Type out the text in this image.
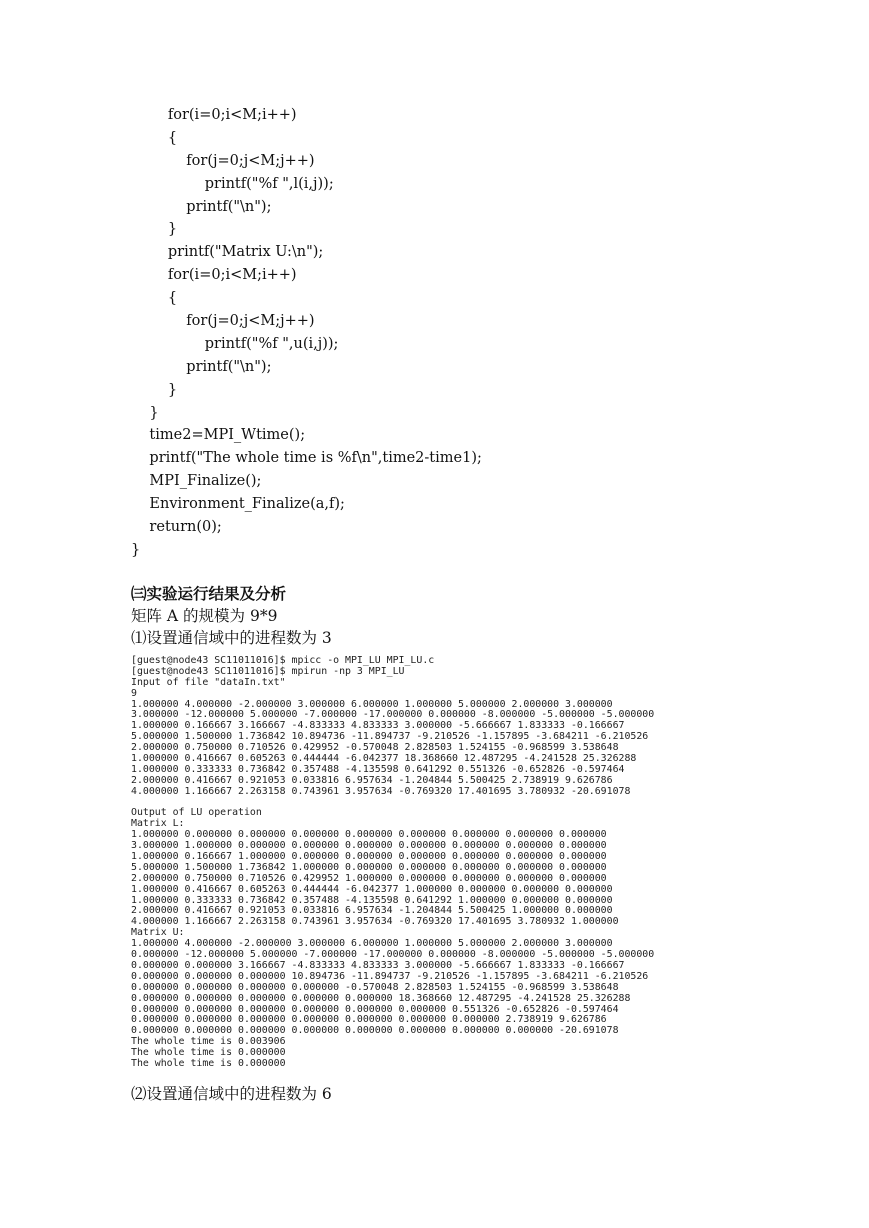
for(i=0;i<M;i++)
{
for(j=0;j<M;j++)
printf("%f ",l(i,j));
printf("\n");
}
printf("Matrix U:\n");
for(i=0;i<M;i++)
{
for(j=0;j<M;j++)
printf("%f ",u(i,j));
printf("\n");
}
}
time2=MPI_Wtime();
printf("The whole time is %f\n",time2-time1);
MPI_Finalize();
Environment_Finalize(a,f);
return(0);
}
㈢实验运行结果及分析
矩阵 A 的规模为 9*9
⑴设置通信域中的进程数为 3
[guest@node43 SC11011016]$ mpicc -o MPI_LU MPI_LU.c
[guest@node43 SC11011016]$ mpirun -np 3 MPI_LU
Input of file "dataIn.txt"
9
1.000000 4.000000 -2.000000 3.000000 6.000000 1.000000 5.000000 2.000000 3.000000
3.000000 -12.000000 5.000000 -7.000000 -17.000000 0.000000 -8.000000 -5.000000 -5.000000
1.000000 0.166667 3.166667 -4.833333 4.833333 3.000000 -5.666667 1.833333 -0.166667
5.000000 1.500000 1.736842 10.894736 -11.894737 -9.210526 -1.157895 -3.684211 -6.210526
2.000000 0.750000 0.710526 0.429952 -0.570048 2.828503 1.524155 -0.968599 3.538648
1.000000 0.416667 0.605263 0.444444 -6.042377 18.368660 12.487295 -4.241528 25.326288
1.000000 0.333333 0.736842 0.357488 -4.135598 0.641292 0.551326 -0.652826 -0.597464
2.000000 0.416667 0.921053 0.033816 6.957634 -1.204844 5.500425 2.738919 9.626786
4.000000 1.166667 2.263158 0.743961 3.957634 -0.769320 17.401695 3.780932 -20.691078
Output of LU operation
Matrix L:
1.000000 0.000000 0.000000 0.000000 0.000000 0.000000 0.000000 0.000000 0.000000
3.000000 1.000000 0.000000 0.000000 0.000000 0.000000 0.000000 0.000000 0.000000
1.000000 0.166667 1.000000 0.000000 0.000000 0.000000 0.000000 0.000000 0.000000
5.000000 1.500000 1.736842 1.000000 0.000000 0.000000 0.000000 0.000000 0.000000
2.000000 0.750000 0.710526 0.429952 1.000000 0.000000 0.000000 0.000000 0.000000
1.000000 0.416667 0.605263 0.444444 -6.042377 1.000000 0.000000 0.000000 0.000000
1.000000 0.333333 0.736842 0.357488 -4.135598 0.641292 1.000000 0.000000 0.000000
2.000000 0.416667 0.921053 0.033816 6.957634 -1.204844 5.500425 1.000000 0.000000
4.000000 1.166667 2.263158 0.743961 3.957634 -0.769320 17.401695 3.780932 1.000000
Matrix U:
1.000000 4.000000 -2.000000 3.000000 6.000000 1.000000 5.000000 2.000000 3.000000
0.000000 -12.000000 5.000000 -7.000000 -17.000000 0.000000 -8.000000 -5.000000 -5.000000
0.000000 0.000000 3.166667 -4.833333 4.833333 3.000000 -5.666667 1.833333 -0.166667
0.000000 0.000000 0.000000 10.894736 -11.894737 -9.210526 -1.157895 -3.684211 -6.210526
0.000000 0.000000 0.000000 0.000000 -0.570048 2.828503 1.524155 -0.968599 3.538648
0.000000 0.000000 0.000000 0.000000 0.000000 18.368660 12.487295 -4.241528 25.326288
0.000000 0.000000 0.000000 0.000000 0.000000 0.000000 0.551326 -0.652826 -0.597464
0.000000 0.000000 0.000000 0.000000 0.000000 0.000000 0.000000 2.738919 9.626786
0.000000 0.000000 0.000000 0.000000 0.000000 0.000000 0.000000 0.000000 -20.691078
The whole time is 0.003906
The whole time is 0.000000
The whole time is 0.000000
⑵设置通信域中的进程数为 6
